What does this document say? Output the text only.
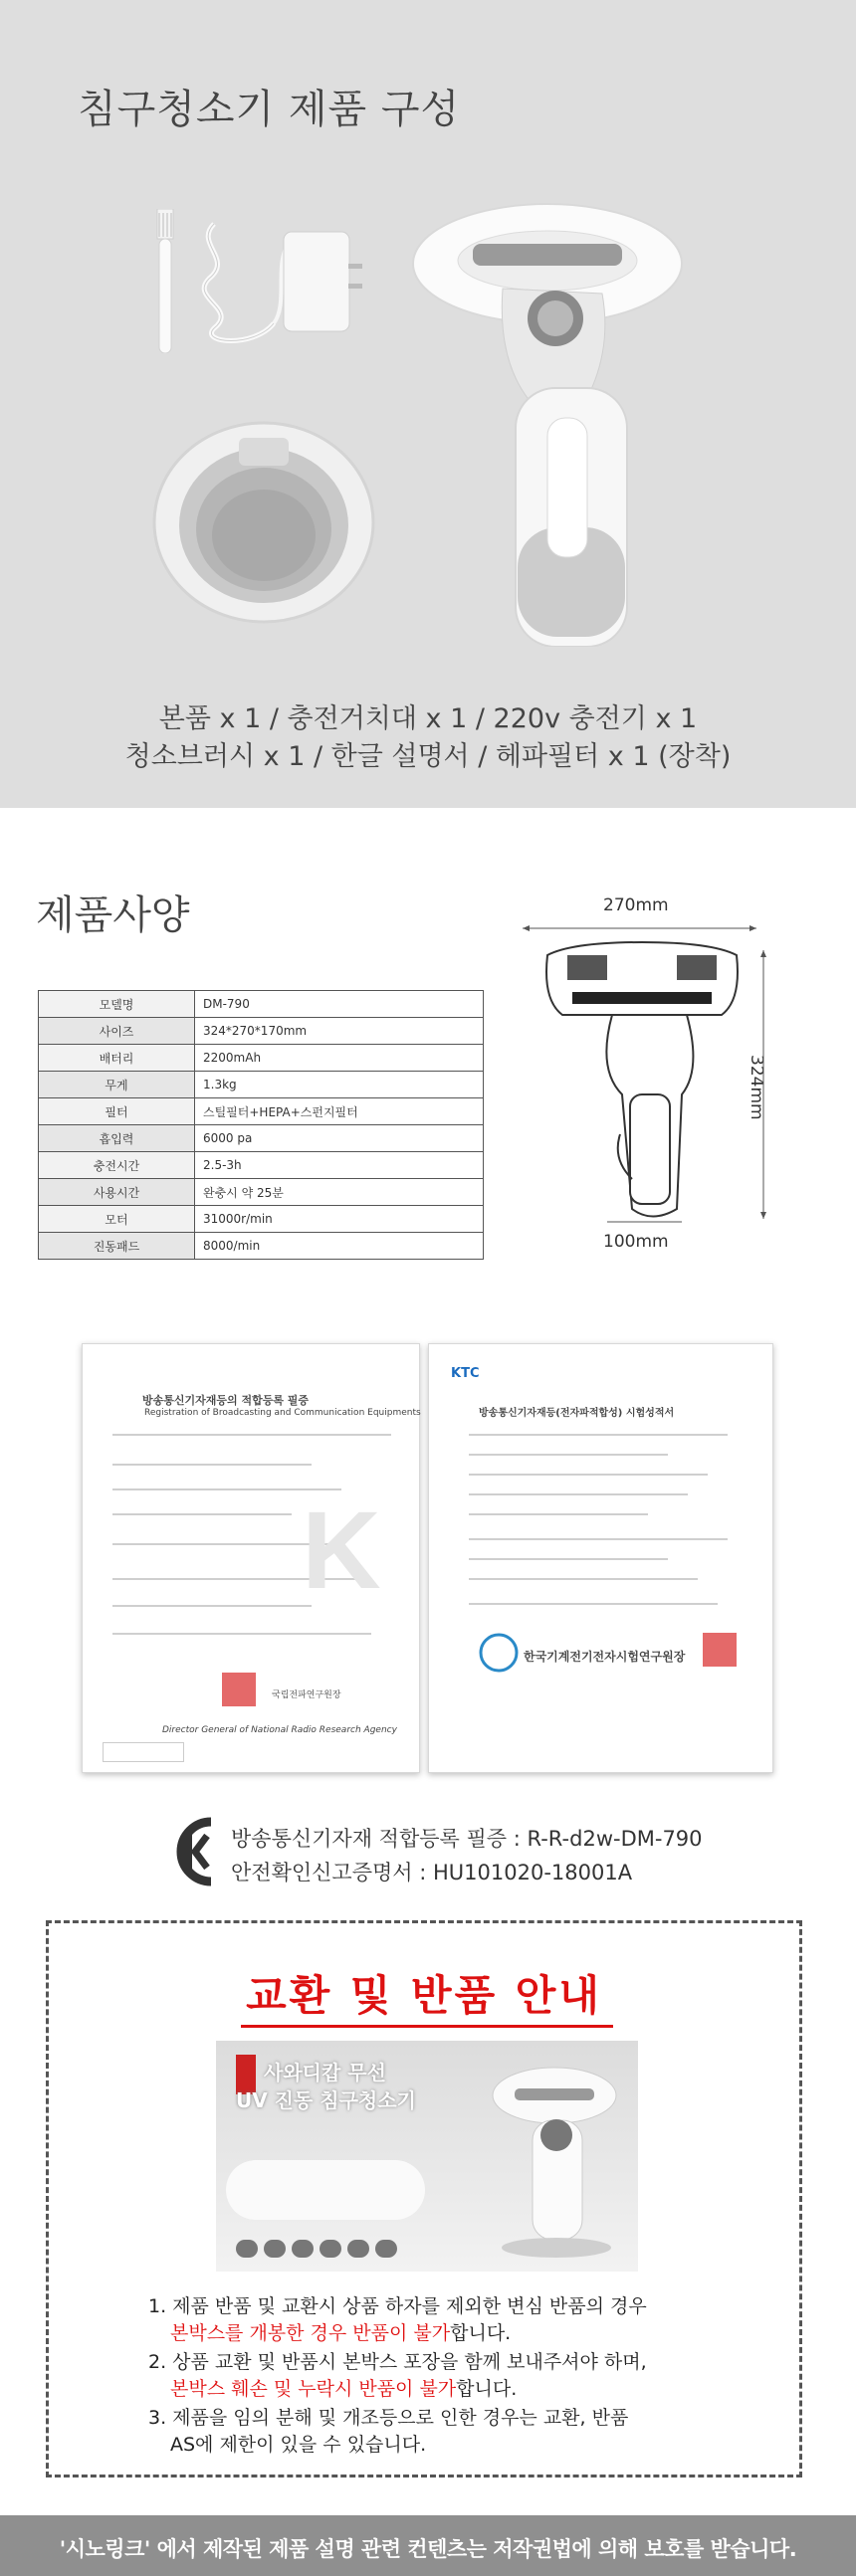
침구청소기 제품 구성
본품 x 1 / 충전거치대 x 1 / 220v 충전기 x 1
청소브러시 x 1 / 한글 설명서 / 헤파필터 x 1 (장착)
제품사양
모델명	DM-790
사이즈	324*270*170mm
배터리	2200mAh
무게	1.3kg
필터	스틸필터+HEPA+스펀지필터
흡입력	6000 pa
충전시간	2.5-3h
사용시간	완충시 약 25분
모터	31000r/min
진동패드	8000/min
270mm
324mm
100mm
방송통신기자재등의 적합등록 필증
Registration of Broadcasting and Communication Equipments
K
국립전파연구원장
Director General of National Radio Research Agency
KTC
방송통신기자재등(전자파적합성) 시험성적서
한국기계전기전자시험연구원장
방송통신기자재 적합등록 필증 : R-R-d2w-DM-790
안전확인신고증명서 : HU101020-18001A
교환 및 반품 안내
사와디캅 무선
UV 진동 침구청소기
1. 제품 반품 및 교환시 상품 하자를 제외한 변심 반품의 경우
본박스를 개봉한 경우 반품이 불가합니다.
2. 상품 교환 및 반품시 본박스 포장을 함께 보내주셔야 하며,
본박스 훼손 및 누락시 반품이 불가합니다.
3. 제품을 임의 분해 및 개조등으로 인한 경우는 교환, 반품
AS에 제한이 있을 수 있습니다.
'시노링크' 에서 제작된 제품 설명 관련 컨텐츠는 저작권법에 의해 보호를 받습니다.
